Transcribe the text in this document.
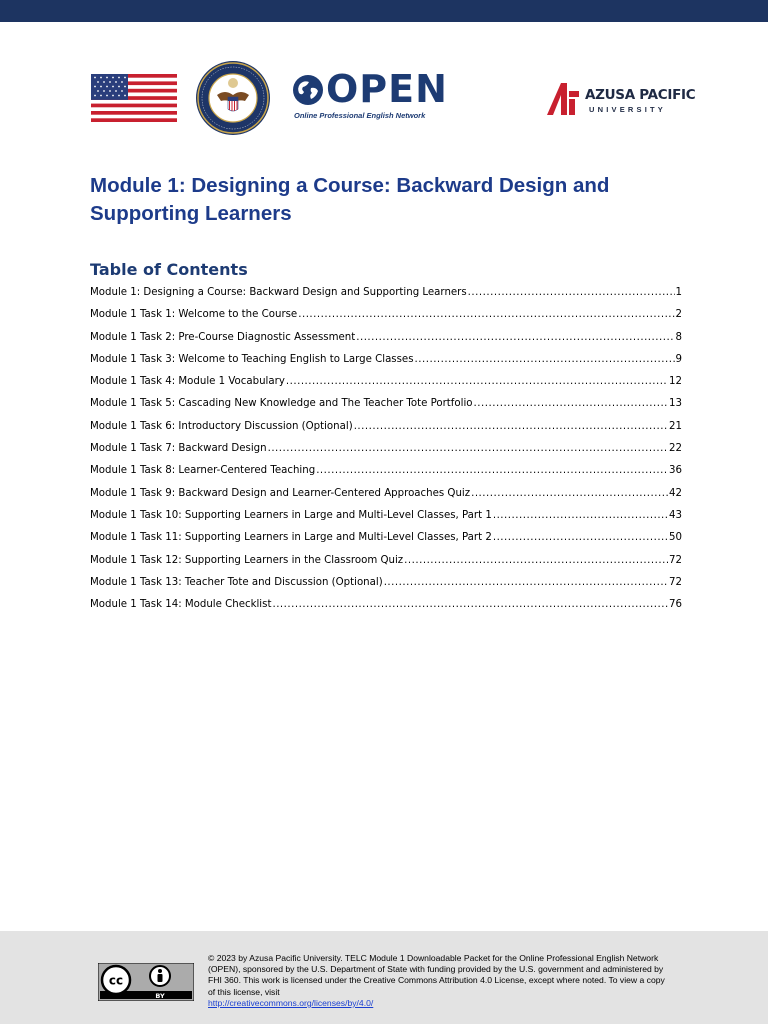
OPEN
Online Professional English Network
AZUSA PACIFIC
UNIVERSITY
Module 1: Designing a Course: Backward Design and Supporting Learners
Table of Contents
Module 1: Designing a Course: Backward Design and Supporting Learners .....	1
Module 1 Task 1: Welcome to the Course .....	2
Module 1 Task 2: Pre-Course Diagnostic Assessment .....	8
Module 1 Task 3: Welcome to Teaching English to Large Classes .....	9
Module 1 Task 4: Module 1 Vocabulary .....	12
Module 1 Task 5: Cascading New Knowledge and The Teacher Tote Portfolio .....	13
Module 1 Task 6: Introductory Discussion (Optional) .....	21
Module 1 Task 7: Backward Design .....	22
Module 1 Task 8: Learner-Centered Teaching .....	36
Module 1 Task 9: Backward Design and Learner-Centered Approaches Quiz .....	42
Module 1 Task 10: Supporting Learners in Large and Multi-Level Classes, Part 1 .....	43
Module 1 Task 11: Supporting Learners in Large and Multi-Level Classes, Part 2 .....	50
Module 1 Task 12: Supporting Learners in the Classroom Quiz .....	72
Module 1 Task 13: Teacher Tote and Discussion (Optional) .....	72
Module 1 Task 14: Module Checklist .....	76
cc
BY
© 2023 by Azusa Pacific University. TELC Module 1 Downloadable Packet for the Online Professional English Network (OPEN), sponsored by the U.S. Department of State with funding provided by the U.S. government and administered by FHI 360. This work is licensed under the Creative Commons Attribution 4.0 License, except where noted. To view a copy of this license, visit
http://creativecommons.org/licenses/by/4.0/
